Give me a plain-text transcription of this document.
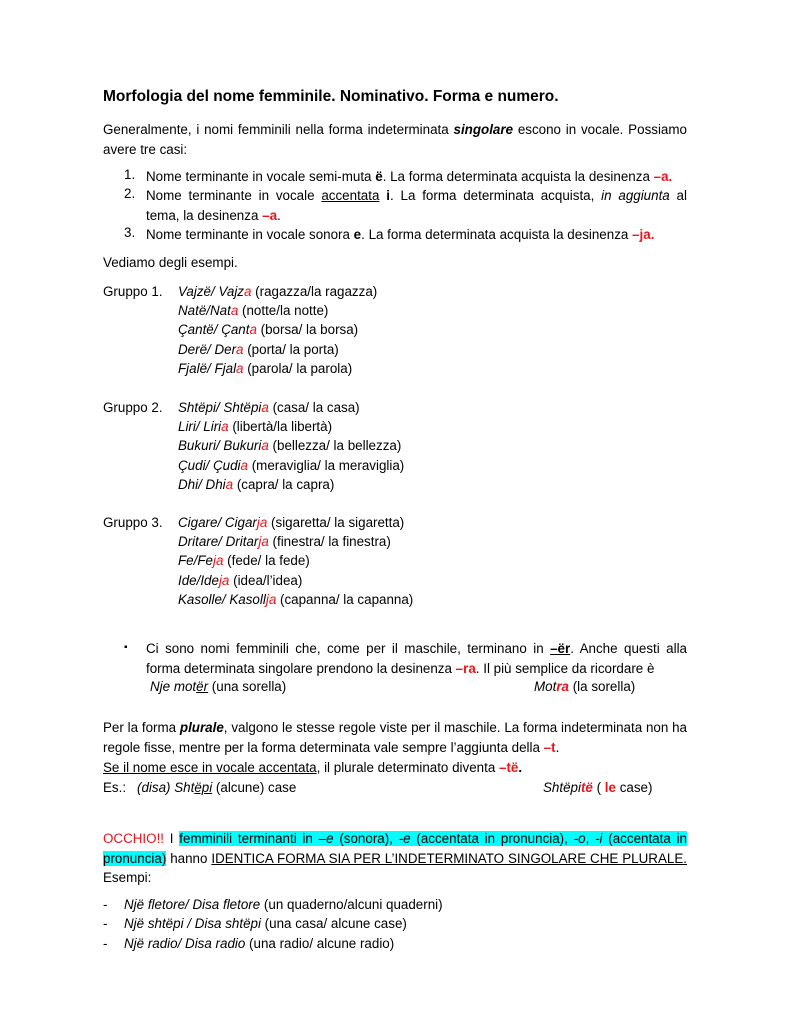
Morfologia del nome femminile. Nominativo. Forma e numero.
Generalmente, i nomi femminili nella forma indeterminata singolare escono in vocale. Possiamo avere tre casi:
1. Nome terminante in vocale semi-muta ë. La forma determinata acquista la desinenza –a.
2. Nome terminante in vocale accentata i. La forma determinata acquista, in aggiunta al tema, la desinenza –a.
3. Nome terminante in vocale sonora e. La forma determinata acquista la desinenza –ja.
Vediamo degli esempi.
Gruppo 1. Vajzë/ Vajza (ragazza/la ragazza)
Natë/Nata (notte/la notte)
Çantë/ Çanta (borsa/ la borsa)
Derë/ Dera (porta/ la porta)
Fjalë/ Fjala (parola/ la parola)
Gruppo 2. Shtëpi/ Shtëpia (casa/ la casa)
Liri/ Liria (libertà/la libertà)
Bukuri/ Bukuria (bellezza/ la bellezza)
Çudi/ Çudia (meraviglia/ la meraviglia)
Dhi/ Dhia (capra/ la capra)
Gruppo 3. Cigare/ Cigarja (sigaretta/ la sigaretta)
Dritare/ Dritarja (finestra/ la finestra)
Fe/Feja (fede/ la fede)
Ide/Ideja (idea/l’idea)
Kasolle/ Kasollja (capanna/ la capanna)
▪ Ci sono nomi femminili che, come per il maschile, terminano in –ër. Anche questi alla forma determinata singolare prendono la desinenza –ra. Il più semplice da ricordare è
Nje motër (una sorella)	Motra (la sorella)
Per la forma plurale, valgono le stesse regole viste per il maschile. La forma indeterminata non ha regole fisse, mentre per la forma determinata vale sempre l’aggiunta della –t.
Se il nome esce in vocale accentata, il plurale determinato diventa –të.
Es.: (disa) Shtëpi (alcune) case	Shtëpitë ( le case)
OCCHIO!! I femminili terminanti in –e (sonora), -e (accentata in pronuncia), -o, -i (accentata in pronuncia) hanno IDENTICA FORMA SIA PER L’INDETERMINATO SINGOLARE CHE PLURALE. Esempi:
- Një fletore/ Disa fletore (un quaderno/alcuni quaderni)
- Një shtëpi / Disa shtëpi (una casa/ alcune case)
- Një radio/ Disa radio (una radio/ alcune radio)
